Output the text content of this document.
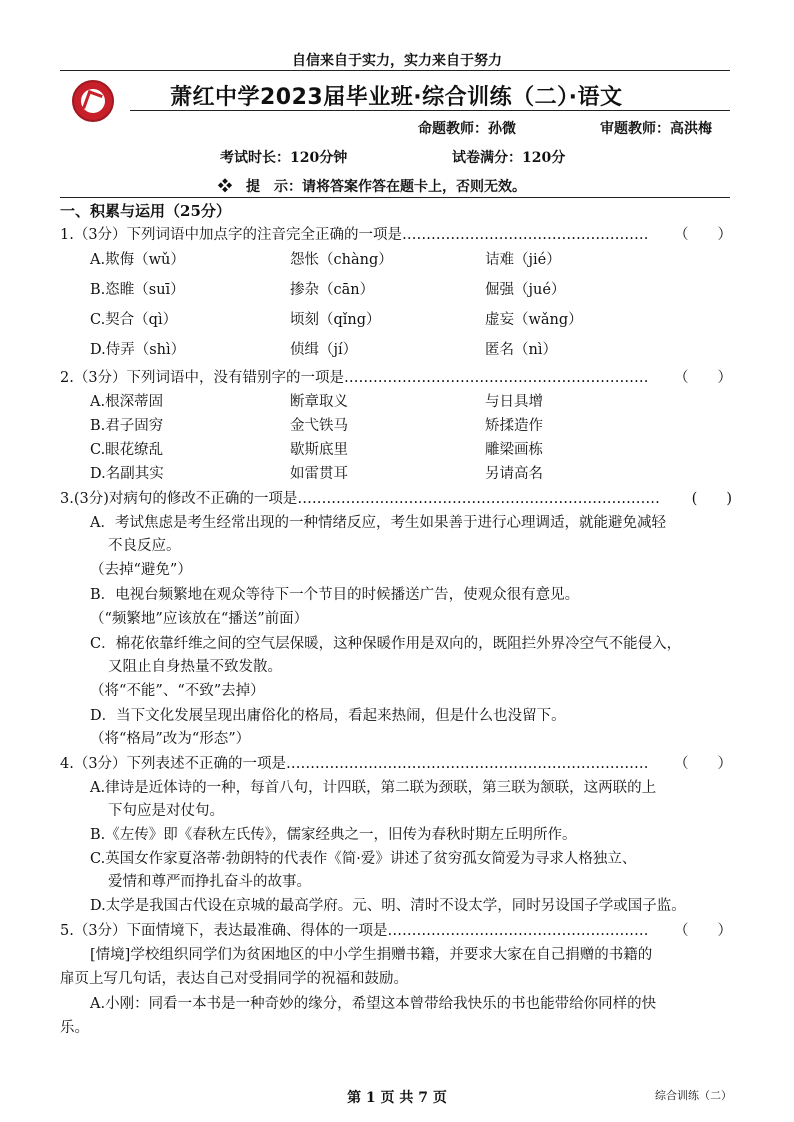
自信来自于实力，实力来自于努力
萧红中学2023届毕业班·综合训练（二）·语文
命题教师：孙微	审题教师：高洪梅
考试时长：120分钟	试卷满分：120分
❖　提　示：请将答案作答在题卡上，否则无效。
一、积累与运用（25分）
1.（3分）下列词语中加点字的注音完全正确的一项是…………………………………………… （　　）
A.欺侮（wǔ）	怨怅（chàng）	诘难（jié）
B.恣睢（suī）	掺杂（cān）	倔强（jué）
C.契合（qì）	顷刻（qǐng）	虚妄（wǎng）
D.侍弄（shì）	侦缉（jí）	匿名（nì）
2.（3分）下列词语中，没有错别字的一项是……………………………………………………… （　　）
A.根深蒂固	断章取义	与日具增
B.君子固穷	金弋铁马	矫揉造作
C.眼花缭乱	歇斯底里	雕梁画栋
D.名副其实	如雷贯耳	另请高名
3.(3分)对病句的修改不正确的一项是………………………………………………………………… (　　)
A．考试焦虑是考生经常出现的一种情绪反应，考生如果善于进行心理调适，就能避免减轻
不良反应。
（去掉“避免”）
B．电视台频繁地在观众等待下一个节目的时候播送广告，使观众很有意见。
（“频繁地”应该放在“播送”前面）
C．棉花依靠纤维之间的空气层保暖，这种保暖作用是双向的，既阻拦外界冷空气不能侵入，
又阻止自身热量不致发散。
（将“不能”、“不致”去掉）
D．当下文化发展呈现出庸俗化的格局，看起来热闹，但是什么也没留下。
（将“格局”改为“形态”）
4.（3分）下列表述不正确的一项是………………………………………………………………… （　　）
A.律诗是近体诗的一种，每首八句，计四联，第二联为颈联，第三联为颔联，这两联的上
下句应是对仗句。
B.《左传》即《春秋左氏传》，儒家经典之一，旧传为春秋时期左丘明所作。
C.英国女作家夏洛蒂·勃朗特的代表作《简·爱》讲述了贫穷孤女简爱为寻求人格独立、
爱情和尊严而挣扎奋斗的故事。
D.太学是我国古代设在京城的最高学府。元、明、清时不设太学，同时另设国子学或国子监。
5.（3分）下面情境下，表达最准确、得体的一项是……………………………………………… （　　）
[情境]学校组织同学们为贫困地区的中小学生捐赠书籍，并要求大家在自己捐赠的书籍的
扉页上写几句话，表达自己对受捐同学的祝福和鼓励。
A.小刚：同看一本书是一种奇妙的缘分，希望这本曾带给我快乐的书也能带给你同样的快
乐。
第 1 页 共 7 页	综合训练（二）
